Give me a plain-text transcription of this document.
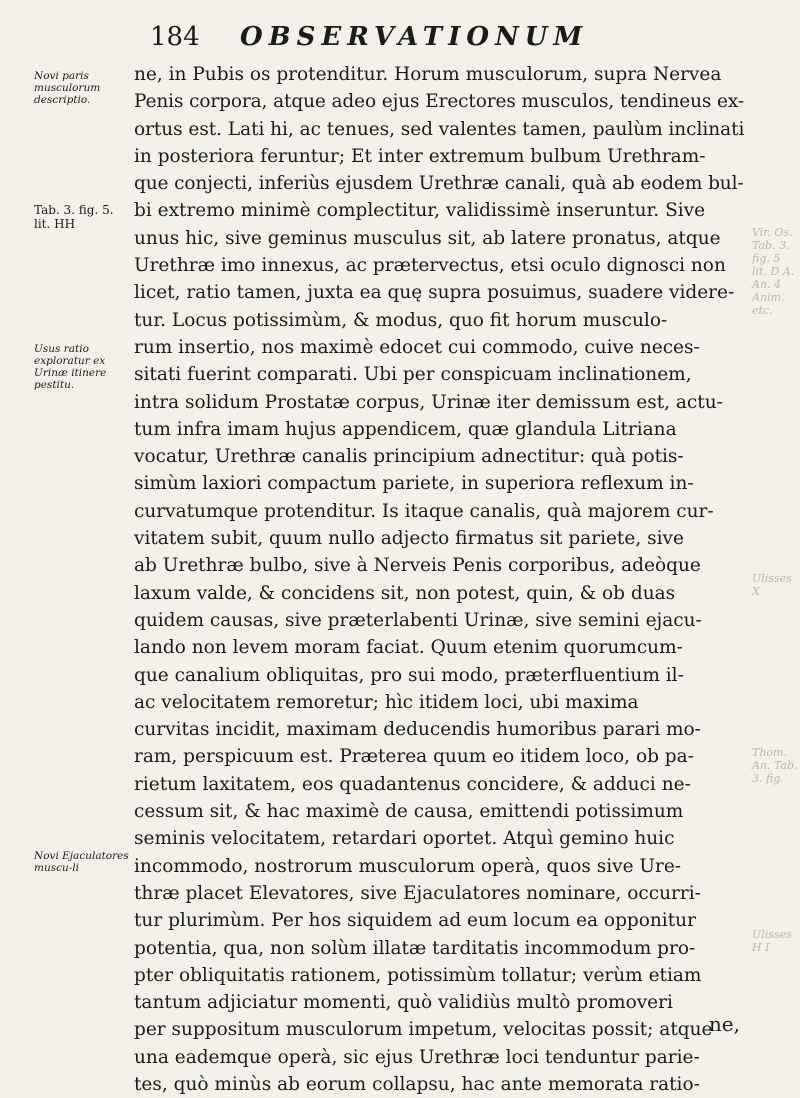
184 OBSERVATIONUM
Novi paris musculorum descriptio.
Tab. 3. fig. 5. lit. HH
Usus ratio exploratur ex Urinæ itinere pestitu.
Novi Ejaculatores muscu-li
Vir. Os. Tab. 3. fig. 5 lit. D A. An. 4 Anim. etc.
Ulisses X
Thom. An. Tab. 3. fig.
Ulisses H I
ne, in Pubis os protenditur. Horum musculorum, supra Nervea
Penis corpora, atque adeo ejus Erectores musculos, tendineus ex-
ortus est. Lati hi, ac tenues, sed valentes tamen, paulùm inclinati
in posteriora feruntur; Et inter extremum bulbum Urethram-
que conjecti, inferiùs ejusdem Urethræ canali, quà ab eodem bul-
bi extremo minimè complectitur, validissimè inseruntur. Sive
unus hic, sive geminus musculus sit, ab latere pronatus, atque
Urethræ imo innexus, ac prætervectus, etsi oculo dignosci non
licet, ratio tamen, juxta ea quę supra posuimus, suadere videre-
tur. Locus potissimùm, & modus, quo fit horum musculo-
rum insertio, nos maximè edocet cui commodo, cuive neces-
sitati fuerint comparati. Ubi per conspicuam inclinationem,
intra solidum Prostatæ corpus, Urinæ iter demissum est, actu-
tum infra imam hujus appendicem, quæ glandula Litriana
vocatur, Urethræ canalis principium adnectitur: quà potis-
simùm laxiori compactum pariete, in superiora reflexum in-
curvatumque protenditur. Is itaque canalis, quà majorem cur-
vitatem subit, quum nullo adjecto firmatus sit pariete, sive
ab Urethræ bulbo, sive à Nerveis Penis corporibus, adeòque
laxum valde, & concidens sit, non potest, quin, & ob duas
quidem causas, sive præterlabenti Urinæ, sive semini ejacu-
lando non levem moram faciat. Quum etenim quorumcum-
que canalium obliquitas, pro sui modo, præterfluentium il-
ac velocitatem remoretur; hìc itidem loci, ubi maxima
curvitas incidit, maximam deducendis humoribus parari mo-
ram, perspicuum est. Præterea quum eo itidem loco, ob pa-
rietum laxitatem, eos quadantenus concidere, & adduci ne-
cessum sit, & hac maximè de causa, emittendi potissimum
seminis velocitatem, retardari oportet. Atquì gemino huic
incommodo, nostrorum musculorum operà, quos sive Ure-
thræ placet Elevatores, sive Ejaculatores nominare, occurri-
tur plurimùm. Per hos siquidem ad eum locum ea opponitur
potentia, qua, non solùm illatæ tarditatis incommodum pro-
pter obliquitatis rationem, potissimùm tollatur; verùm etiam
tantum adjiciatur momenti, quò validiùs multò promoveri
per suppositum musculorum impetum, velocitas possit; atque
una eademque operà, sic ejus Urethræ loci tenduntur parie-
tes, quò minùs ab eorum collapsu, hac ante memorata ratio-
ne,
